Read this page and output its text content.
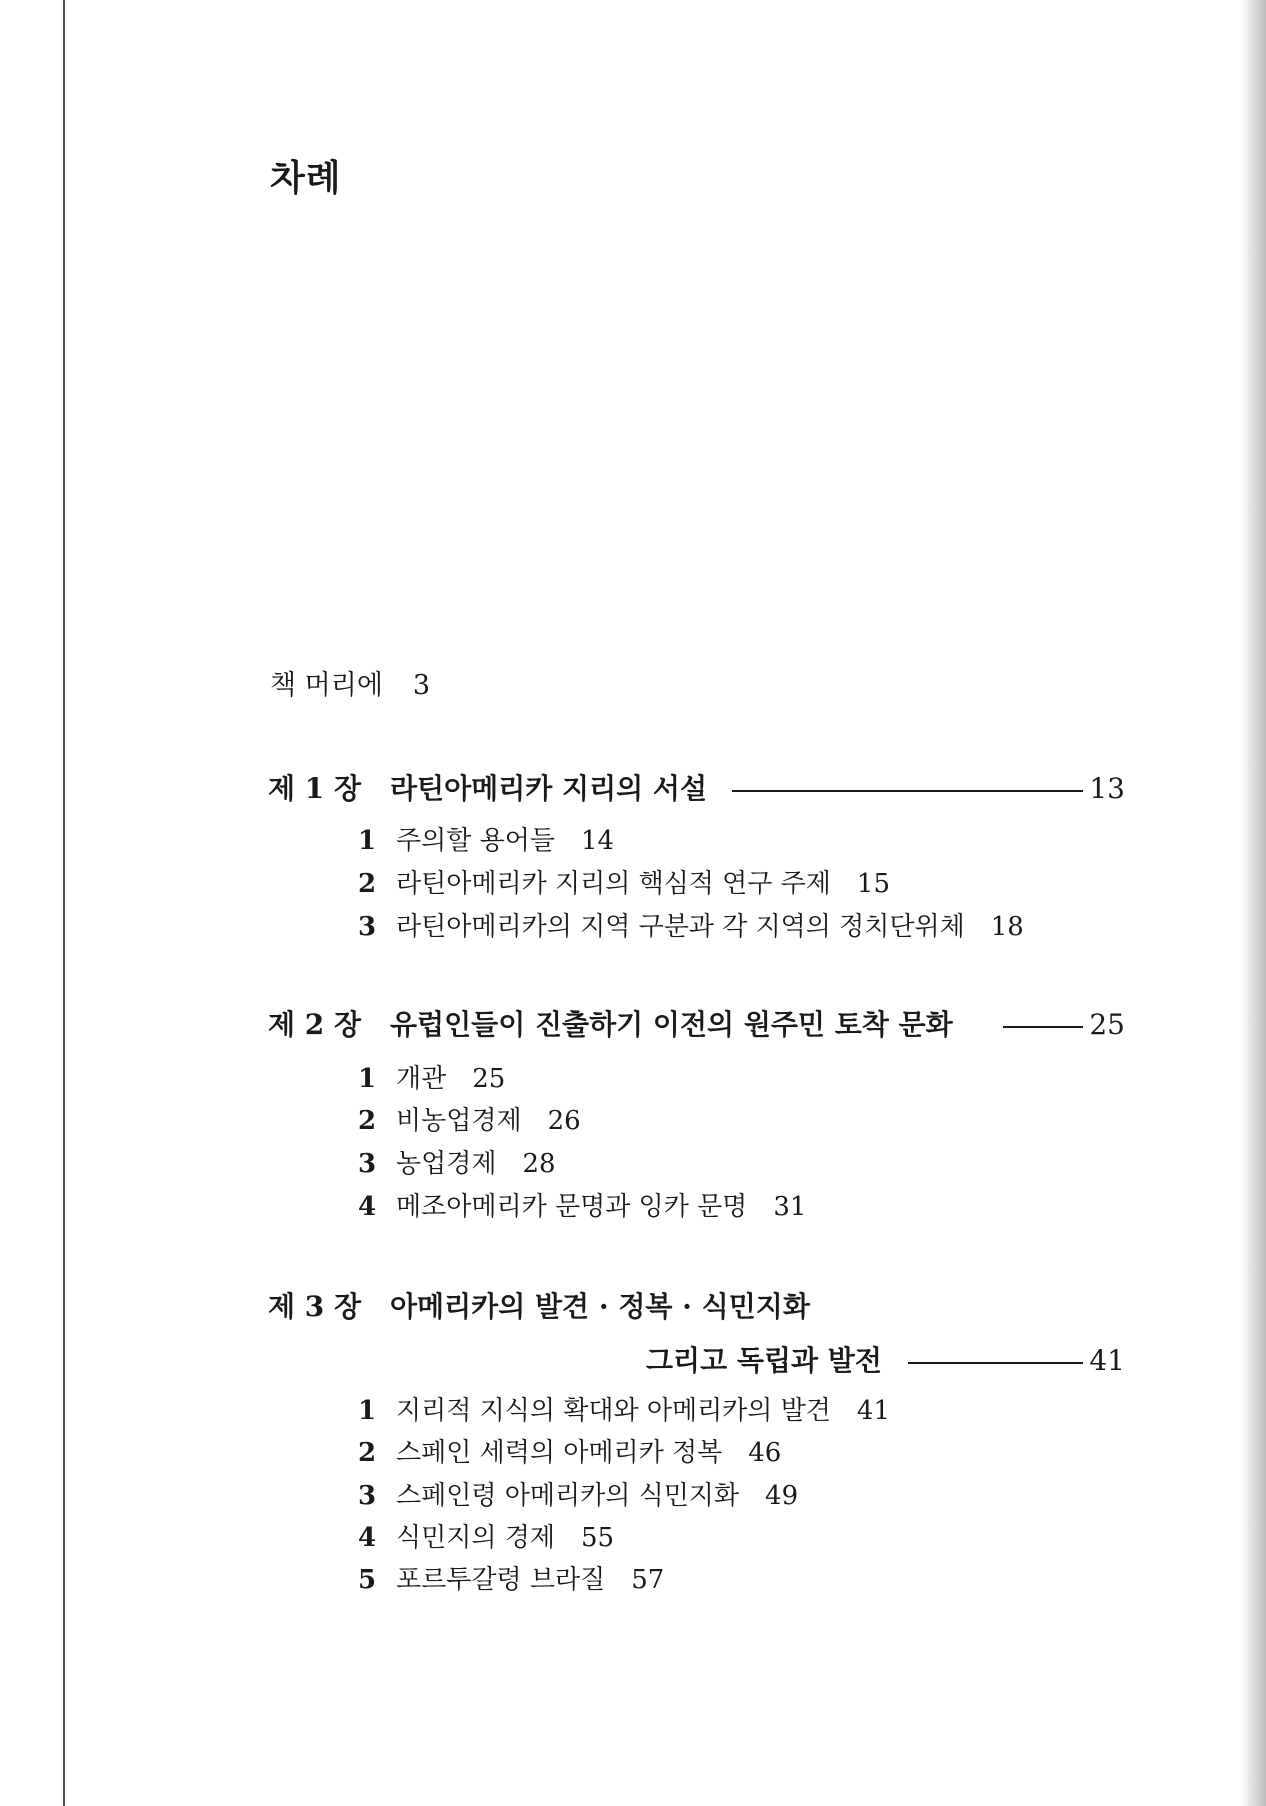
차례
책 머리에 3
제 1 장 라틴아메리카 지리의 서설	13
1 주의할 용어들 14
2 라틴아메리카 지리의 핵심적 연구 주제 15
3 라틴아메리카의 지역 구분과 각 지역의 정치단위체 18
제 2 장 유럽인들이 진출하기 이전의 원주민 토착 문화	25
1 개관 25
2 비농업경제 26
3 농업경제 28
4 메조아메리카 문명과 잉카 문명 31
제 3 장 아메리카의 발견 · 정복 · 식민지화
그리고 독립과 발전	41
1 지리적 지식의 확대와 아메리카의 발견 41
2 스페인 세력의 아메리카 정복 46
3 스페인령 아메리카의 식민지화 49
4 식민지의 경제 55
5 포르투갈령 브라질 57
